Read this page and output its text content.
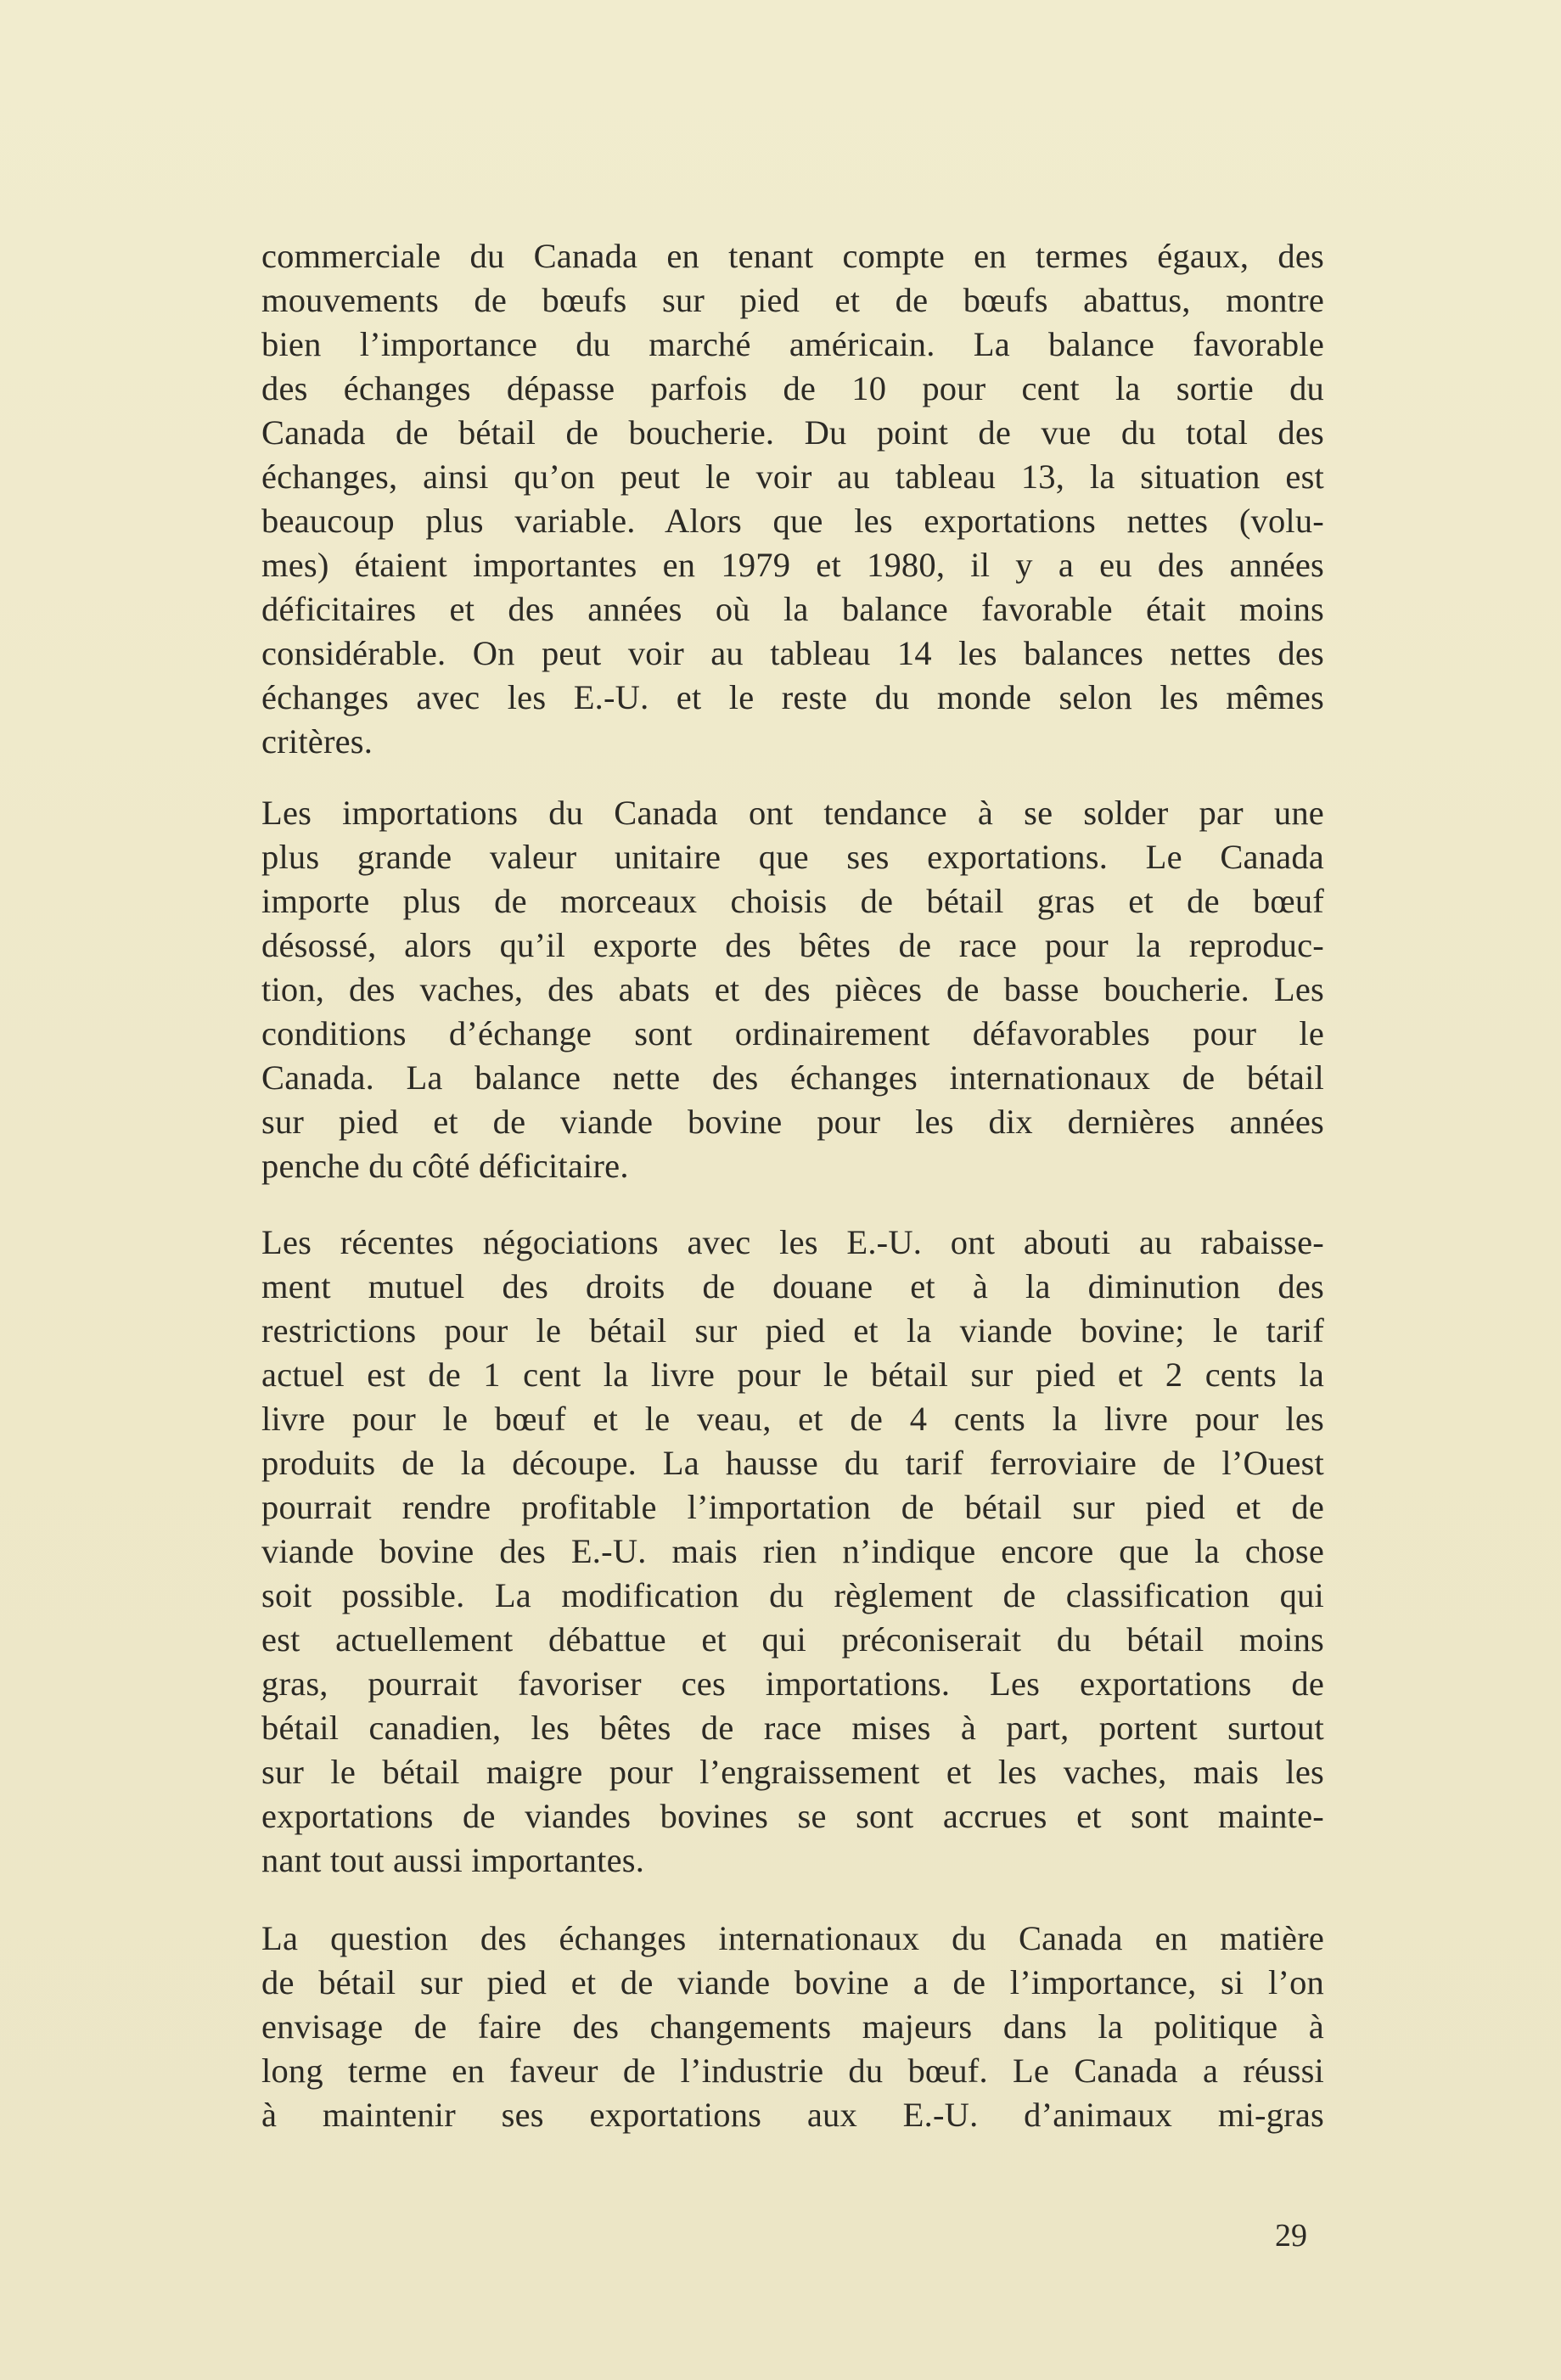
commerciale du Canada en tenant compte en termes égaux, des
mouvements de bœufs sur pied et de bœufs abattus, montre
bien l’importance du marché américain. La balance favorable
des échanges dépasse parfois de 10 pour cent la sortie du
Canada de bétail de boucherie. Du point de vue du total des
échanges, ainsi qu’on peut le voir au tableau 13, la situation est
beaucoup plus variable. Alors que les exportations nettes (volu-
mes) étaient importantes en 1979 et 1980, il y a eu des années
déficitaires et des années où la balance favorable était moins
considérable. On peut voir au tableau 14 les balances nettes des
échanges avec les E.-U. et le reste du monde selon les mêmes
critères.
Les importations du Canada ont tendance à se solder par une
plus grande valeur unitaire que ses exportations. Le Canada
importe plus de morceaux choisis de bétail gras et de bœuf
désossé, alors qu’il exporte des bêtes de race pour la reproduc-
tion, des vaches, des abats et des pièces de basse boucherie. Les
conditions d’échange sont ordinairement défavorables pour le
Canada. La balance nette des échanges internationaux de bétail
sur pied et de viande bovine pour les dix dernières années
penche du côté déficitaire.
Les récentes négociations avec les E.-U. ont abouti au rabaisse-
ment mutuel des droits de douane et à la diminution des
restrictions pour le bétail sur pied et la viande bovine; le tarif
actuel est de 1 cent la livre pour le bétail sur pied et 2 cents la
livre pour le bœuf et le veau, et de 4 cents la livre pour les
produits de la découpe. La hausse du tarif ferroviaire de l’Ouest
pourrait rendre profitable l’importation de bétail sur pied et de
viande bovine des E.-U. mais rien n’indique encore que la chose
soit possible. La modification du règlement de classification qui
est actuellement débattue et qui préconiserait du bétail moins
gras, pourrait favoriser ces importations. Les exportations de
bétail canadien, les bêtes de race mises à part, portent surtout
sur le bétail maigre pour l’engraissement et les vaches, mais les
exportations de viandes bovines se sont accrues et sont mainte-
nant tout aussi importantes.
La question des échanges internationaux du Canada en matière
de bétail sur pied et de viande bovine a de l’importance, si l’on
envisage de faire des changements majeurs dans la politique à
long terme en faveur de l’industrie du bœuf. Le Canada a réussi
à maintenir ses exportations aux E.-U. d’animaux mi-gras
29
